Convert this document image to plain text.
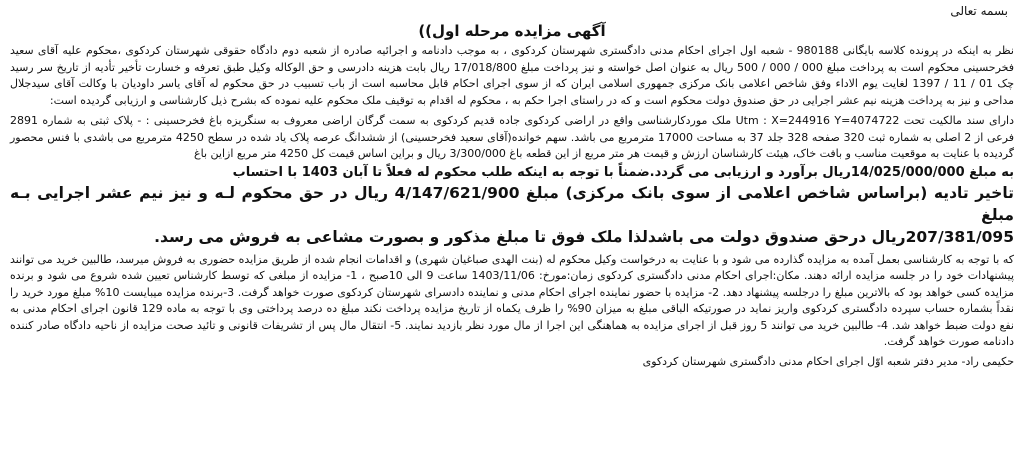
بسمه تعالی
آگهی مزایده مرحله اول))

نظر به اینکه در پرونده کلاسه بایگانی 980188 - شعبه اول اجرای احکام مدنی دادگستری شهرستان کردکوی ، به موجب دادنامه و اجرائیه صادره از شعبه دوم دادگاه حقوقی شهرستان کردکوی ،محکوم علیه آقای سعید فخرحسینی محکوم است به پرداخت مبلغ 000 / 000 / 500 ریال به عنوان اصل خواسته و نیز پرداخت مبلغ 17/018/800 ریال بابت هزینه دادرسی و حق الوکاله وکیل طبق تعرفه و خسارت تأخیر تأدیه از تاریخ سر رسید چک 01 / 11 / 1397 لغایت یوم الاداء وفق شاخص اعلامی بانک مرکزی جمهوری اسلامی ایران که از سوی اجرای احکام قابل محاسبه است از باب تسبیب در حق محکوم له آقای یاسر داودیان با وکالت آقای سیدجلال مداحی و نیز به پرداخت هزینه نیم عشر اجرایی در حق صندوق دولت محکوم است و که در راستای اجرا حکم به ، محکوم له اقدام به توقیف ملک محکوم علیه نموده که بشرح ذیل کارشناسی و ارزیابی گردیده است:

دارای سند مالکیت تحت Utm : X=244916 Y=4074722 ملک موردکارشناسی واقع در اراضی کردکوی جاده قدیم کردکوی به سمت گرگان اراضی معروف به سنگریزه باغ فخرحسینی : - پلاک ثبتی به شماره 2891 فرعی از 2 اصلی به شماره ثبت 320 صفحه 328 جلد 37 به مساحت 17000 مترمربع می باشد. سهم خوانده(آقای سعید فخرحسینی) از ششدانگ عرصه پلاک یاد شده در سطح 4250 مترمربع می باشدی با فنس محصور گردیده با عنایت به موقعیت مناسب و بافت خاک، هیئت کارشناسان ارزش و قیمت هر متر مربع از این قطعه باغ 3/300/000 ریال و براین اساس قیمت کل 4250 متر مربع ازاین باغ

به مبلغ 14/025/000/000ریال برآورد و ارزیابی می گردد.ضمناً با توجه به اینکه طلب محکوم له فعلاً تا آبان 1403 با احتساب

تاخیر تادیه (براساس شاخص اعلامی از سوی بانک مرکزی) مبلغ 4/147/621/900 ریال در حق محکوم لـه و نیز نیم عشر اجرایی بـه مبلغ

207/381/095ریال درحق صندوق دولت می باشدلذا ملک فوق تا مبلغ مذکور و بصورت مشاعی به فروش می رسد.

که با توجه به کارشناسی بعمل آمده به مزایده گذارده می شود و با عنایت به درخواست وکیل محکوم له (بنت الهدی صباغیان شهری) و اقدامات انجام شده از طریق مزایده حضوری به فروش میرسد، طالبین خرید می توانند پیشنهادات خود را در جلسه مزایده ارائه دهند. مکان:اجرای احکام مدنی دادگستری کردکوی زمان:مورخ: 1403/11/06 ساعت 9 الی 10صبح ، 1- مزایده از مبلغی که توسط کارشناس تعیین شده شروع می شود و برنده مزایده کسی خواهد بود که بالاترین مبلغ را درجلسه پیشنهاد دهد. 2- مزایده با حضور نماینده اجرای احکام مدنی و نماینده دادسرای شهرستان کردکوی صورت خواهد گرفت. 3-برنده مزایده میبایست 10% مبلغ مورد خرید را نقداً بشماره حساب سپرده دادگستری کردکوی واریز نماید در صورتیکه الباقی مبلغ به میزان 90% را ظرف یکماه از تاریخ مزایده پرداخت نکند مبلغ ده درصد پرداختی وی با توجه به ماده 129 قانون اجرای احکام مدنی به نفع دولت ضبط خواهد شد. 4- طالبین خرید می توانند 5 روز قبل از اجرای مزایده به هماهنگی این اجرا از مال مورد نظر بازدید نمایند. 5- انتقال مال پس از تشریفات قانونی و تائید صحت مزایده از ناحیه دادگاه صادر کننده دادنامه صورت خواهد گرفت.

حکیمی راد- مدیر دفتر شعبه اوّل اجرای احکام مدنی دادگستری شهرستان کردکوی
